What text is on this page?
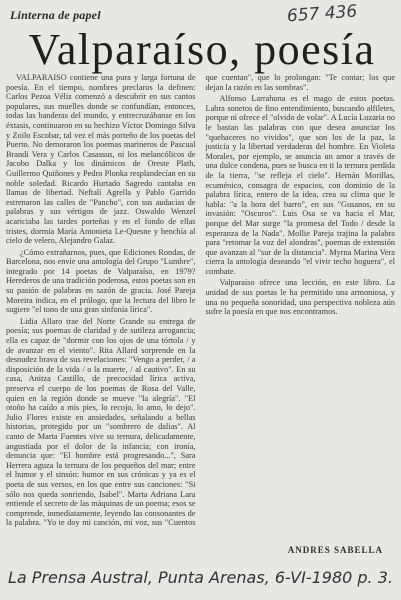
Linterna de papel	657 436
Valparaíso, poesía

VALPARAISO contiene una pura y larga fortuna de poesía. En el tiempo, nombres preclaros la definen: Carlos Pezoa Véliz comenzó a descubrir en sus cantos populares, sus muelles donde se confundían, entonces, todas las banderas del mundo, y entrecruzábanse en los éxtasis, continuaron en su hechizo Víctor Domingo Silva y Zoilo Escobar, tal vez el más porteño de los poetas del Puerto. No demoraron los poemas marineros de Pascual Brandi Vera y Carlos Casassus, ni los melancólicos de Jacobo Dalka y los dinámicos de Oreste Plath, Guillermo Quiñones y Pedro Plonka resplandecían en su noble soledad. Ricardo Hurtado Sagredo cantaba en llamas de libertad. Neftalí Agrella y Pablo Garrido estrenaron las calles de "Pancho", con sus audacias de palabras y sus vértigos de jazz. Oswaldo Wenzel acariciaba las tardes porteñas y en el fondo de ellas tristes, dormía María Antonieta Le-Quesne y henchía al cielo de velero, Alejandro Galaz.

¿Cómo extrañarnos, pues, que Ediciones Rondas, de Barcelona, nos envíe una antología del Grupo "Lumbre", integrado por 14 poetas de Valparaíso, en 1979? Herederos de una tradición poderosa, estos poetas son en su pasión de palabras en sazón de gracia. José Pareja Moreira indica, en el prólogo, que la lectura del libro le sugiere "el tono de una gran sinfonía lírica".

Lidia Allaro trae del Norte Grande su entrega de poesía; sus poemas de claridad y de sutileza arrogancia; ella es capaz de "dormir con los ojos de una tórtola / y de avanzar en el viento". Rita Allard sorprende en la desnudez brava de sus revelaciones: "Vengo a perder, / a disposición de la vida / o la muerte, / al cautivo". En su casa, Anitza Castillo, de precocidad lírica activa, preserva el cuerpo de los poemas de Rosa del Valle, quien en la región donde se mueve "la alegría". "El otoño ha caído a mis pies, lo recojo, lo amo, lo dejo". Julio Flores existe en ansiedades, señalando a bellas historias, protegido por un "sombrero de dalias". Al canto de Marta Fuentes vive su ternura, delicadamente, angustiada por el dolor de la infancia; con ironía, denuncia que: "El hombre está progresando...", Sara Herrera aguza la ternura de los pequeños del mar; entre el humor y el sinsón: humor en sus crónicas y ya es el poeta de sus versos, en los que entre sus canciones: "Si sólo nos queda sonriendo, Isabel". Marta Adriana Lara entiende el secreto de las máquinas de un poema; esos se comprende, inmediatamente, leyendo las consonantes de la palabra. "Yo te doy mi canción, mi voz, sus "Cuentos que cuentan", que lo prolongan: "Te contar; los que dejan la razón en las sombras".

Alfonso Larrahona es el mago de estos poetas. Labra sonetos de fino entendimiento, buscando alfiletes, porque ni ofrece el "olvido de volar". A Lucía Lozaria no le bastan las palabras con que desea anunciar los "quehaceres no vividos", que son los de la paz, la justicia y la libertad verdaderas del hombre. En Violeta Morales, por ejemplo, se anuncia un amor a través de una dulce condena, pues se busca en ti la ternura perdida de la tierra, "se refleja el cielo". Hernán Morillas, ecuménico, consagra de espacios, con dominio de la palabra lírica, entero de la idea, crea su clima que le habla: "a la hora del barro", en sus "Gusanos, en su invasión: "Oscuros". Luis Osa se va hacia el Mar, porque del Mar surge "la promesa del Todo / desde la esperanza de la Nada". Mollie Pareja trajina la palabra para "retomar la voz del alondras", poemas de extensión que avanzan al "sur de la distancia". Myrna Marina Vera cierra la antología deseando "el vivir techo hoguera", el combate.

Valparaíso ofrece una lección, en este libro. La unidad de sus poetas le ha permitido una armoniosa, y una no pequeña sonoridad, una perspectiva nobleza aún sufre la poesía en que nos encontramos.

ANDRES SABELLA
La Prensa Austral, Punta Arenas, 6-VI-1980 p. 3.
